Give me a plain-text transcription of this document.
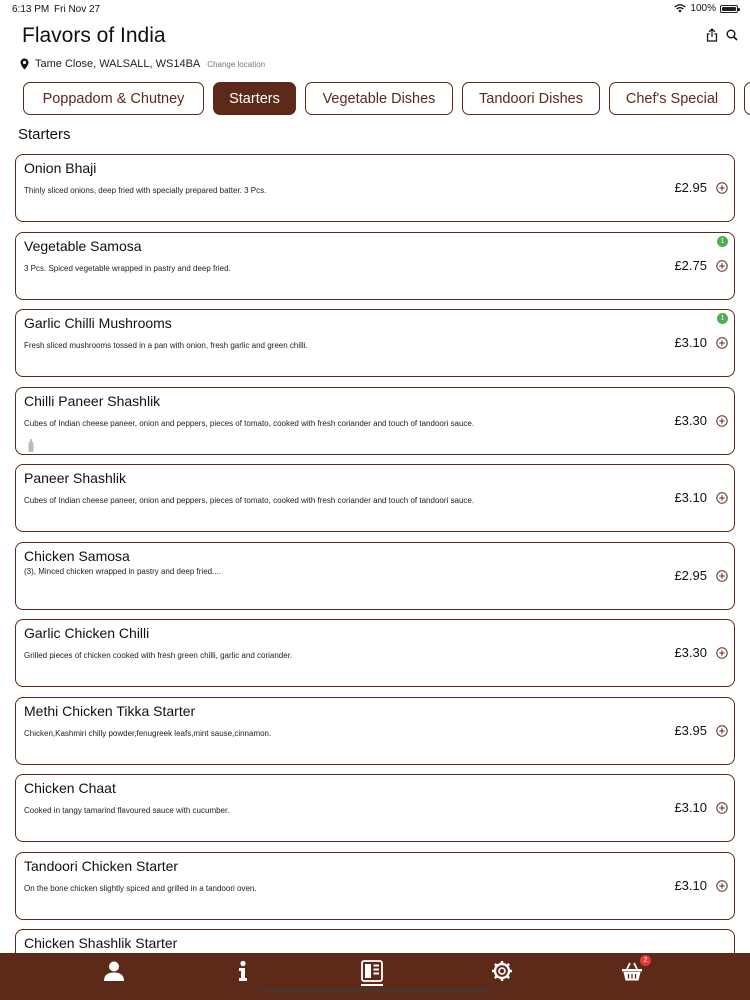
6:13 PM Fri Nov 27	100%
Flavors of India
Tame Close, WALSALL, WS14BA Change location
Poppadom & Chutney	Starters	Vegetable Dishes	Tandoori Dishes	Chef's Special
Starters
Onion Bhaji
Thinly sliced onions, deep fried with specially prepared batter. 3 Pcs.	£2.95
Vegetable Samosa
3 Pcs. Spiced vegetable wrapped in pastry and deep fried.	£2.75
1
Garlic Chilli Mushrooms
Fresh sliced mushrooms tossed in a pan with onion, fresh garlic and green chilli.	£3.10
1
Chilli Paneer Shashlik
Cubes of Indian cheese paneer, onion and peppers, pieces of tomato, cooked with fresh coriander and touch of tandoori sauce.	£3.30
Paneer Shashlik
Cubes of Indian cheese paneer, onion and peppers, pieces of tomato, cooked with fresh coriander and touch of tandoori sauce.	£3.10
Chicken Samosa
(3), Minced chicken wrapped in pastry and deep fried....	£2.95
Garlic Chicken Chilli
Grilled pieces of chicken cooked with fresh green chilli, garlic and coriander.	£3.30
Methi Chicken Tikka Starter
Chicken,Kashmiri chilly powder,fenugreek leafs,mint sause,cinnamon.	£3.95
Chicken Chaat
Cooked in tangy tamarind flavoured sauce with cucumber.	£3.10
Tandoori Chicken Starter
On the bone chicken slightly spiced and grilled in a tandoori oven.	£3.10
Chicken Shashlik Starter
2
